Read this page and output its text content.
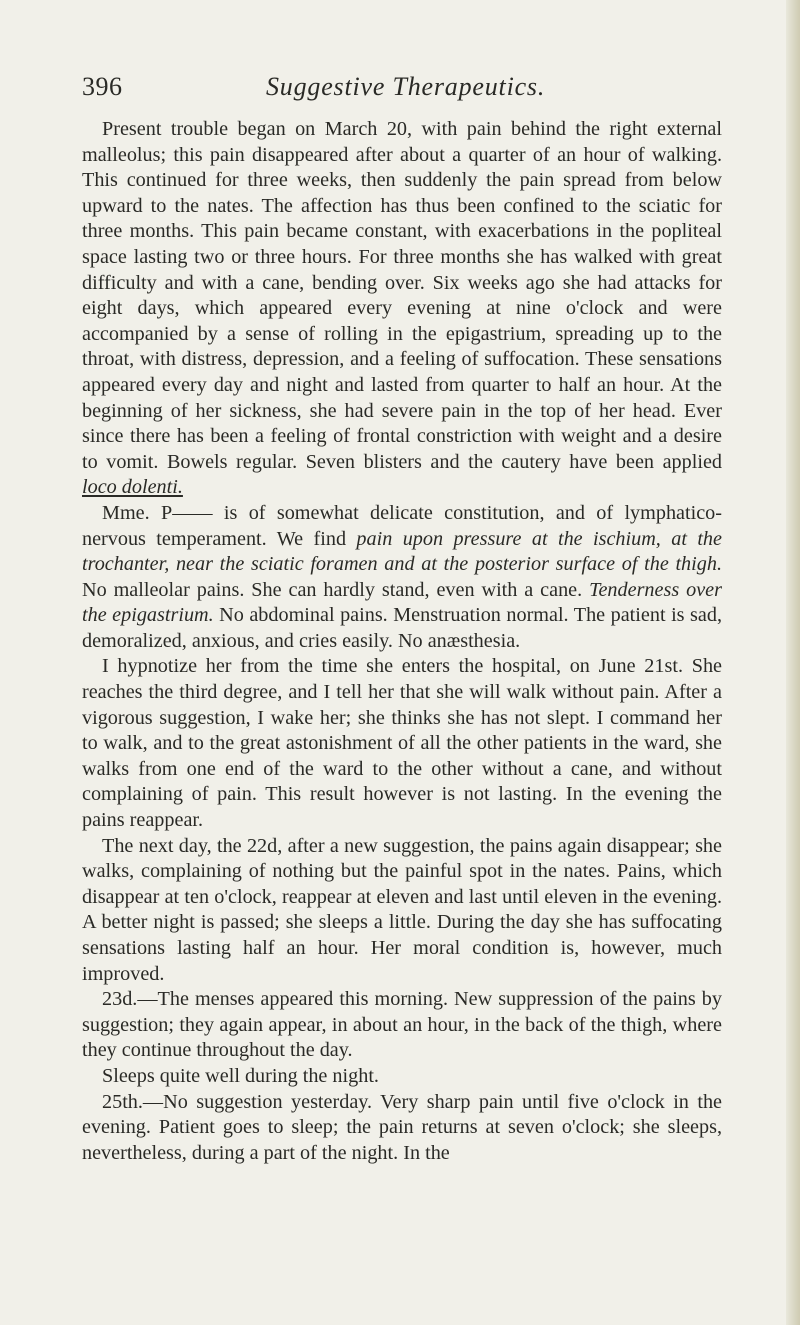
396	Suggestive Therapeutics.

Present trouble began on March 20, with pain behind the right external malleolus; this pain disappeared after about a quarter of an hour of walking. This continued for three weeks, then suddenly the pain spread from below upward to the nates. The affection has thus been confined to the sciatic for three months. This pain became constant, with exacerbations in the popliteal space lasting two or three hours. For three months she has walked with great difficulty and with a cane, bending over. Six weeks ago she had attacks for eight days, which appeared every evening at nine o'clock and were accompanied by a sense of rolling in the epigastrium, spreading up to the throat, with distress, depression, and a feeling of suffocation. These sensations appeared every day and night and lasted from quarter to half an hour. At the beginning of her sickness, she had severe pain in the top of her head. Ever since there has been a feeling of frontal constriction with weight and a desire to vomit. Bowels regular. Seven blisters and the cautery have been applied loco dolenti.

Mme. P—— is of somewhat delicate constitution, and of lymphatico-nervous temperament. We find pain upon pressure at the ischium, at the trochanter, near the sciatic foramen and at the posterior surface of the thigh. No malleolar pains. She can hardly stand, even with a cane. Tenderness over the epigastrium. No abdominal pains. Menstruation normal. The patient is sad, demoralized, anxious, and cries easily. No anæsthesia.

I hypnotize her from the time she enters the hospital, on June 21st. She reaches the third degree, and I tell her that she will walk without pain. After a vigorous suggestion, I wake her; she thinks she has not slept. I command her to walk, and to the great astonishment of all the other patients in the ward, she walks from one end of the ward to the other without a cane, and without complaining of pain. This result however is not lasting. In the evening the pains reappear.

The next day, the 22d, after a new suggestion, the pains again disappear; she walks, complaining of nothing but the painful spot in the nates. Pains, which disappear at ten o'clock, reappear at eleven and last until eleven in the evening. A better night is passed; she sleeps a little. During the day she has suffocating sensations lasting half an hour. Her moral condition is, however, much improved.

23d.—The menses appeared this morning. New suppression of the pains by suggestion; they again appear, in about an hour, in the back of the thigh, where they continue throughout the day.

Sleeps quite well during the night.

25th.—No suggestion yesterday. Very sharp pain until five o'clock in the evening. Patient goes to sleep; the pain returns at seven o'clock; she sleeps, nevertheless, during a part of the night. In the
